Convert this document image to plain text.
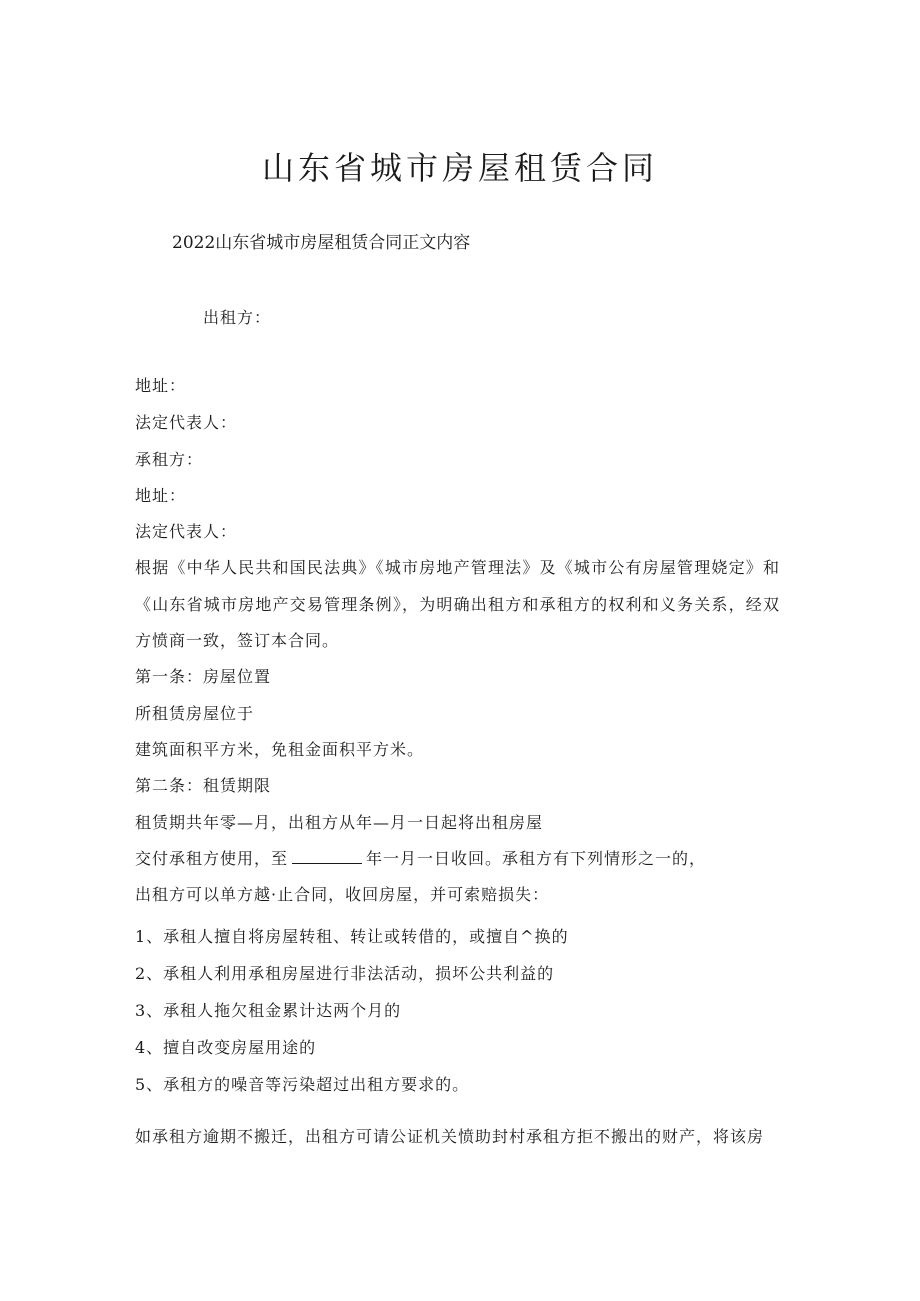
山东省城市房屋租赁合同
2022山东省城市房屋租赁合同正文内容
出租方：
地址：
法定代表人：
承租方：
地址：
法定代表人：
根据《中华人民共和国民法典》《城市房地产管理法》及《城市公有房屋管理娆定》和
《山东省城市房地产交易管理条例》，为明确出租方和承租方的权利和义务关系，经双
方愤商一致，签订本合同。
第一条：房屋位置
所租赁房屋位于
建筑面积平方米，免租金面积平方米。
第二条：租赁期限
租赁期共年零—月，出租方从年—月一日起将出租房屋
交付承租方使用，至	年一月一日收回。承租方有下列情形之一的，
出租方可以单方越·止合同，收回房屋，并可索赔损失：
1、承租人擅自将房屋转租、转让或转借的，或擅自^换的
2、承租人利用承租房屋进行非法活动，损坏公共利益的
3、承租人拖欠租金累计达两个月的
4、擅自改变房屋用途的
5、承租方的噪音等污染超过出租方要求的。
如承租方逾期不搬迁，出租方可请公证机关愤助封村承租方拒不搬出的财产，将该房
